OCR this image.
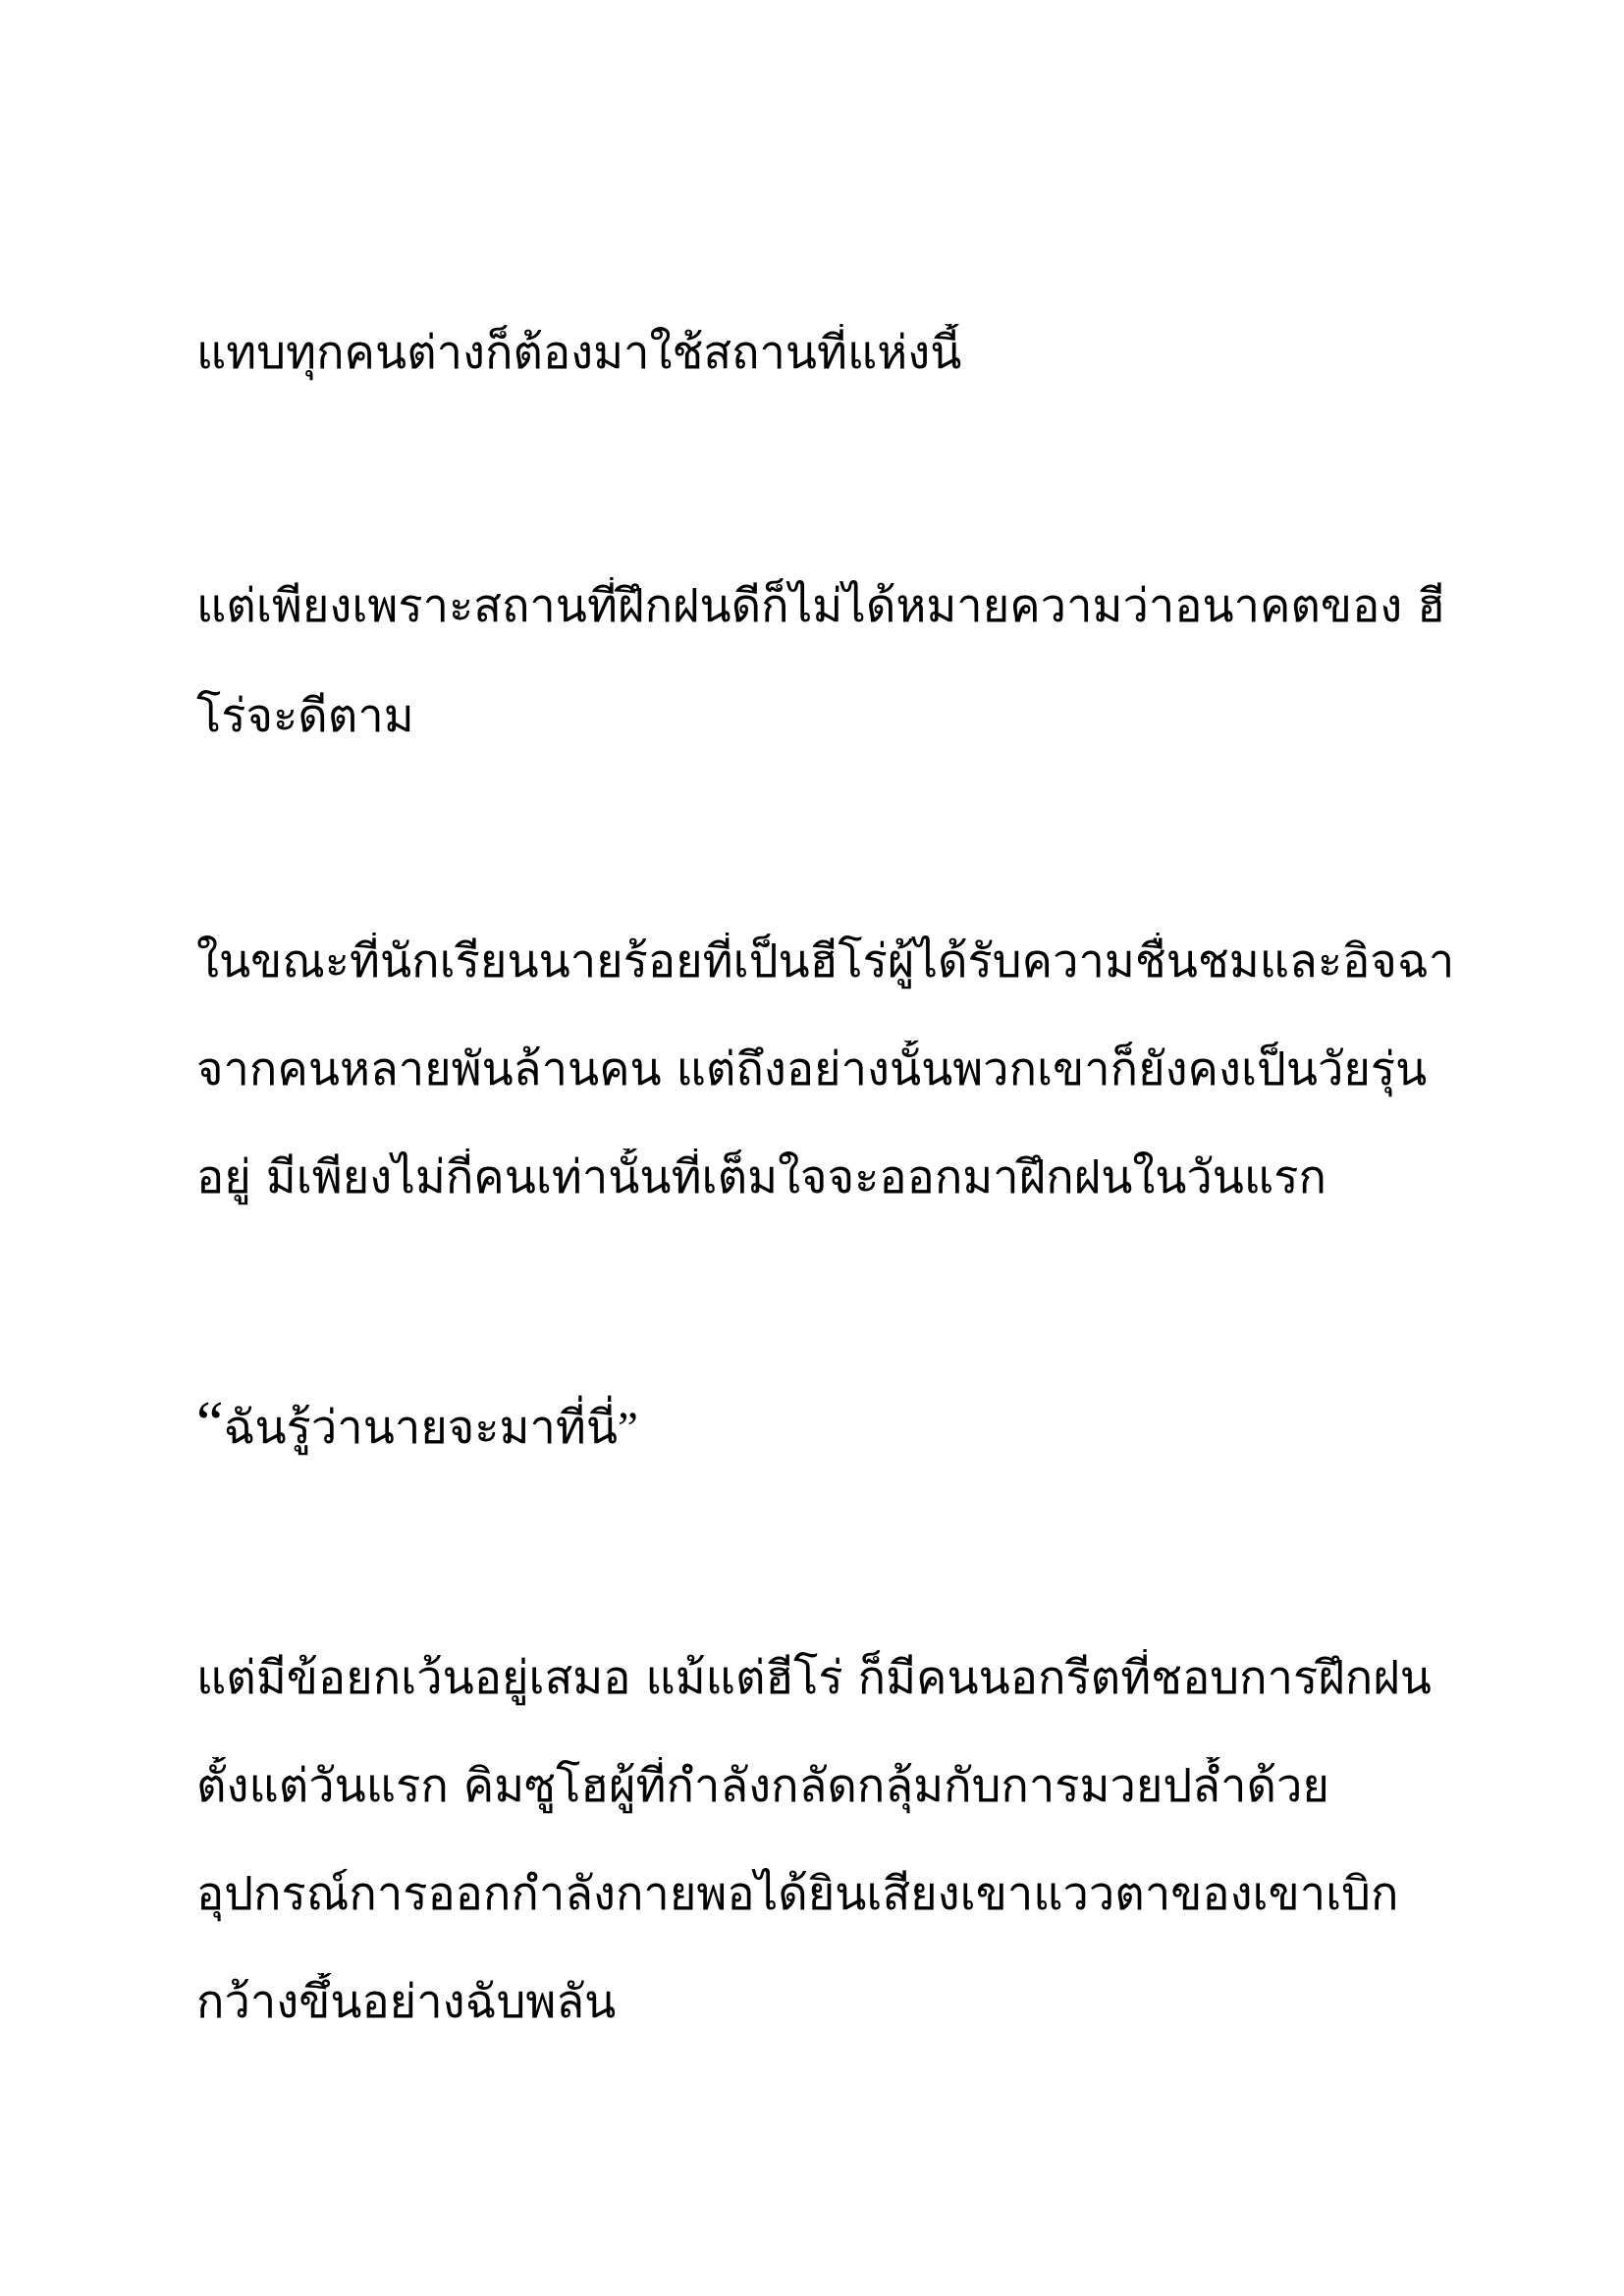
แทบทุกคนต่างก็ต้องมาใช้สถานที่แห่งนี้
แต่เพียงเพราะสถานที่ฝึกฝนดีก็ไม่ได้หมายความว่าอนาคตของ ฮี
โร่จะดีตาม
ในขณะที่นักเรียนนายร้อยที่เป็นฮีโร่ผู้ได้รับความชื่นชมและอิจฉา
จากคนหลายพันล้านคน แต่ถึงอย่างนั้นพวกเขาก็ยังคงเป็นวัยรุ่น
อยู่ มีเพียงไม่กี่คนเท่านั้นที่เต็มใจจะออกมาฝึกฝนในวันแรก
“ฉันรู้ว่านายจะมาที่นี่”
แต่มีข้อยกเว้นอยู่เสมอ แม้แต่ฮีโร่ ก็มีคนนอกรีตที่ชอบการฝึกฝน
ตั้งแต่วันแรก คิมซูโฮผู้ที่กำลังกลัดกลุ้มกับการมวยปล้ำด้วย
อุปกรณ์การออกกำลังกายพอได้ยินเสียงเขาแววตาของเขาเบิก
กว้างขึ้นอย่างฉับพลัน
